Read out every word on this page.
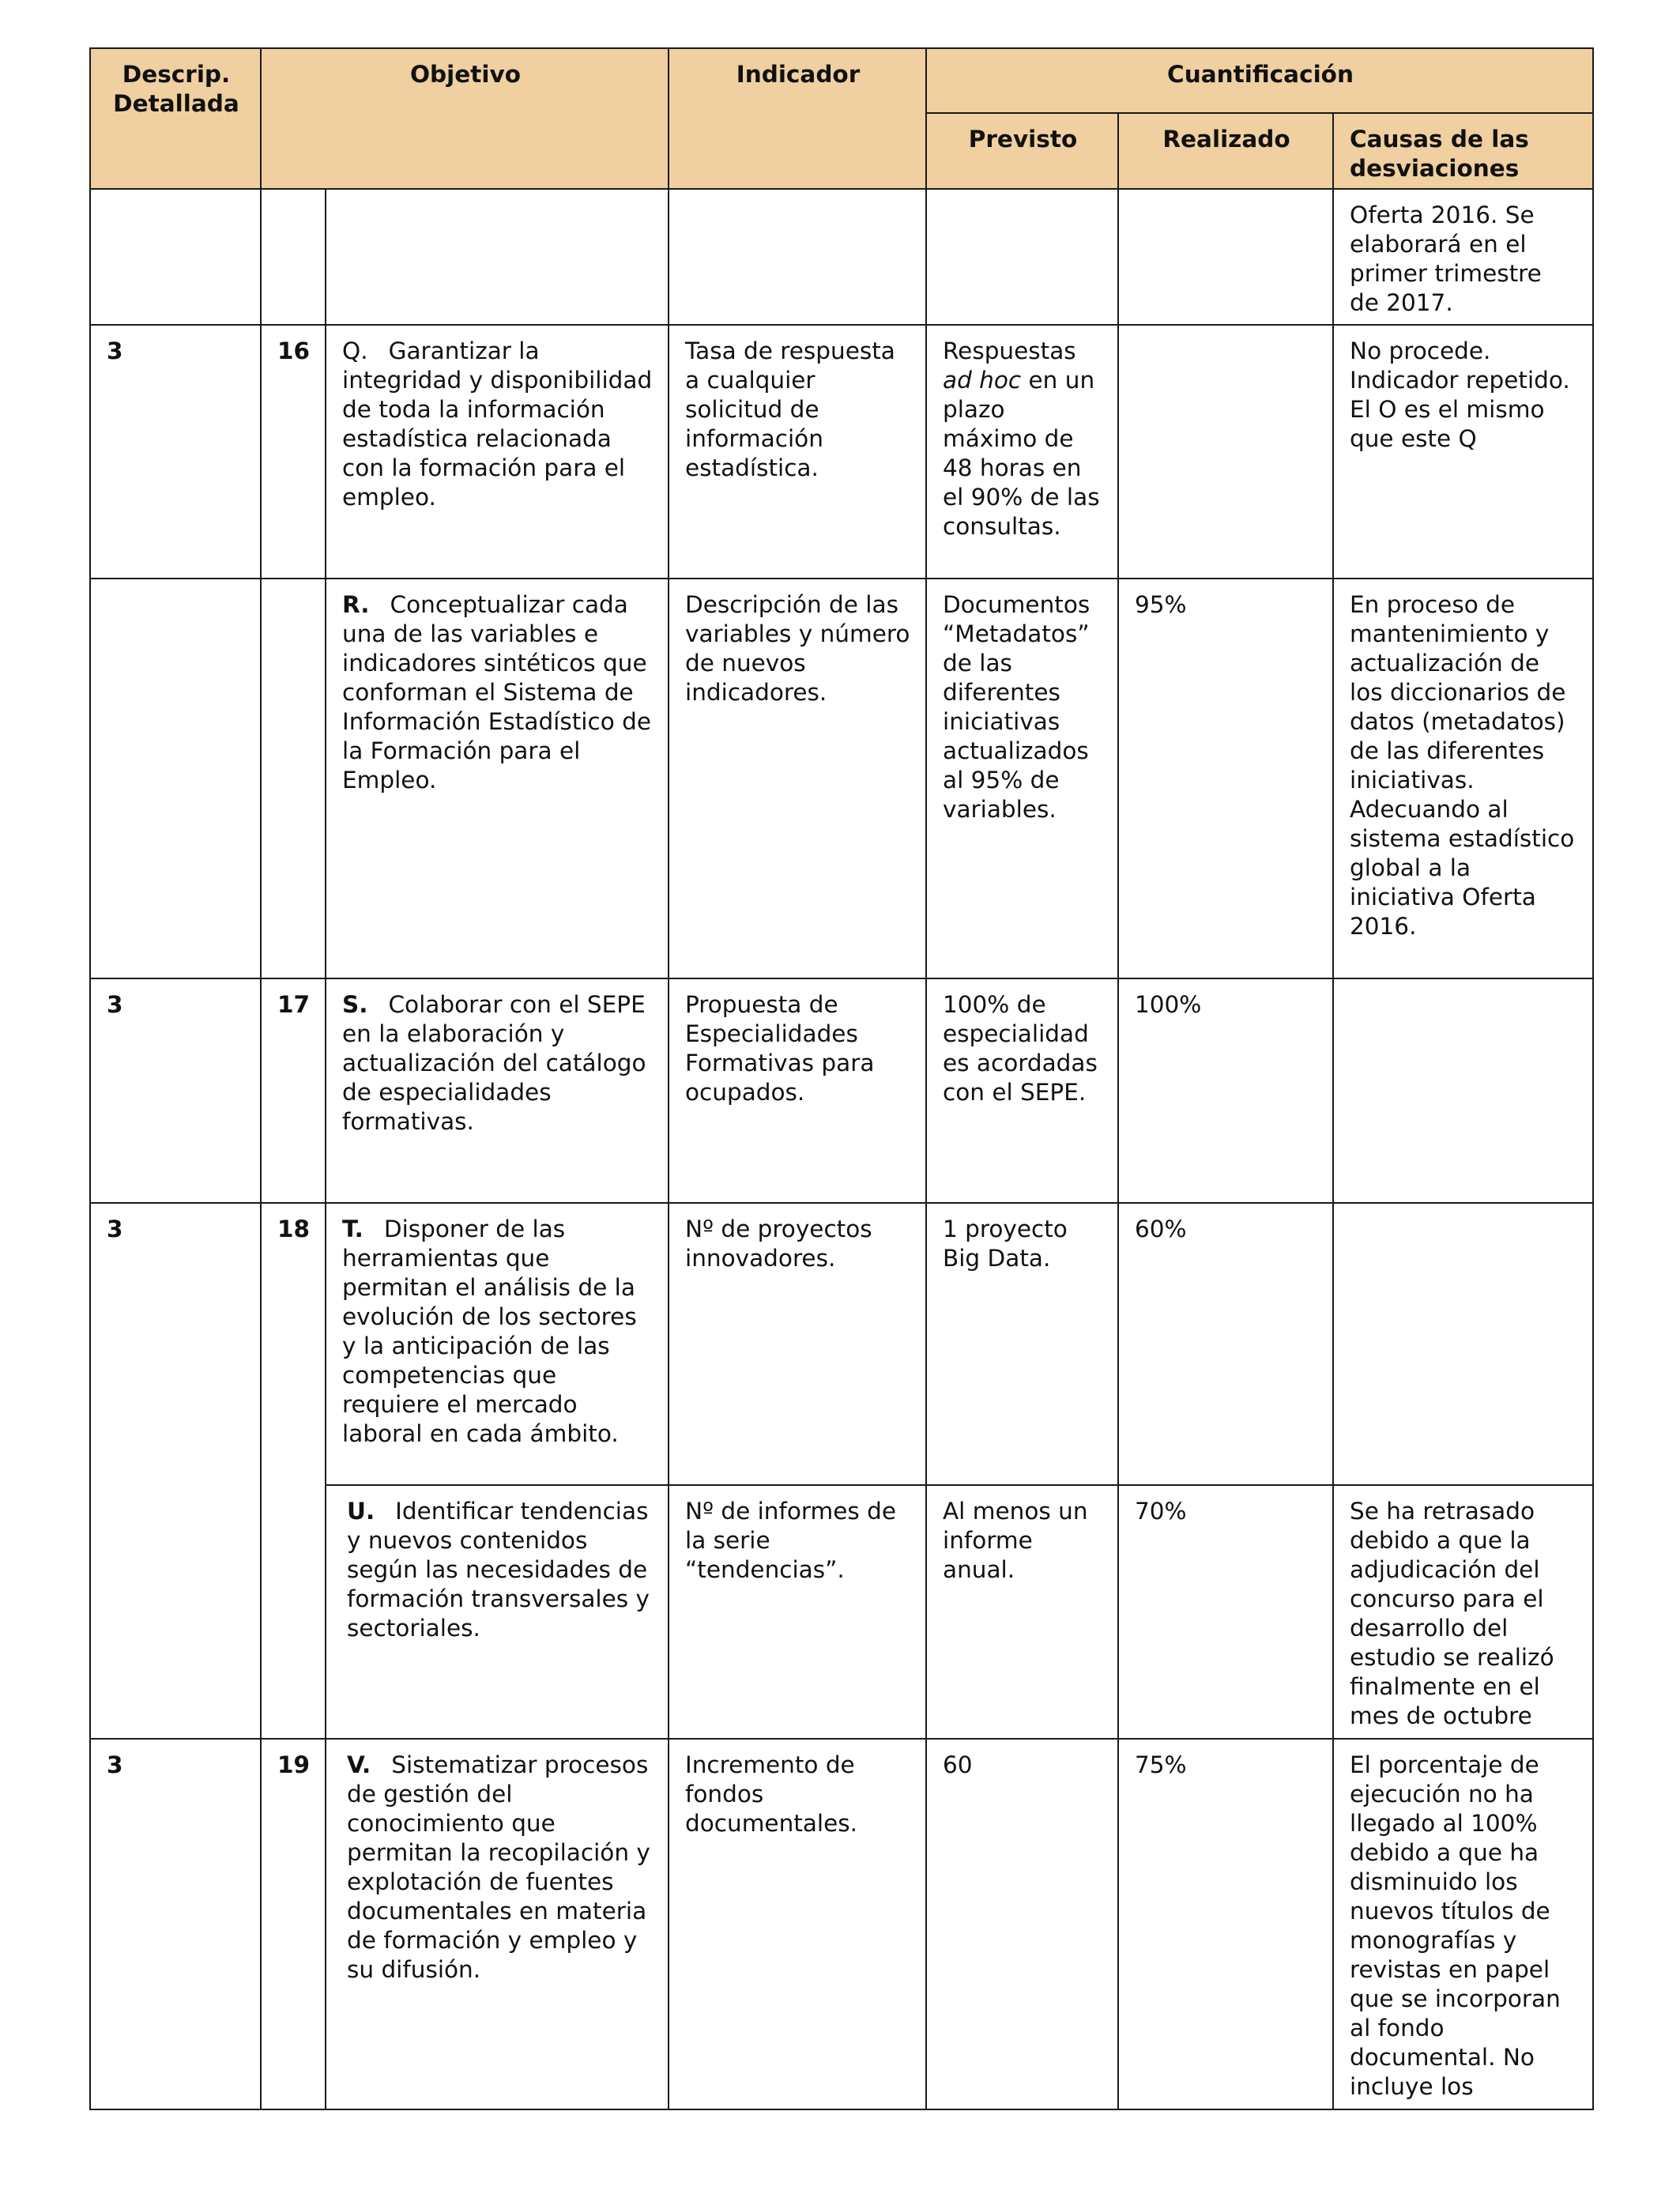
Descrip.
Detallada	Objetivo		Indicador	Cuantificación		
				Previsto	Realizado	Causas de las
desviaciones
						Oferta 2016. Se elaborará en el primer trimestre de 2017.
3	16	Q. Garantizar la integridad y disponibilidad de toda la información estadística relacionada con la formación para el empleo.	Tasa de respuesta a cualquier solicitud de información estadística.	Respuestas ad hoc en un plazo máximo de 48 horas en el 90% de las consultas.		No procede. Indicador repetido. El O es el mismo que este Q
		R. Conceptualizar cada una de las variables e indicadores sintéticos que conforman el Sistema de Información Estadístico de la Formación para el Empleo.	Descripción de las variables y número de nuevos indicadores.	Documentos “Metadatos” de las diferentes iniciativas actualizados al 95% de variables.	95%	En proceso de mantenimiento y actualización de los diccionarios de datos (metadatos) de las diferentes iniciativas. Adecuando al sistema estadístico global a la iniciativa Oferta 2016.
3	17	S. Colaborar con el SEPE en la elaboración y actualización del catálogo de especialidades formativas.	Propuesta de Especialidades Formativas para ocupados.	100% de especialidad es acordadas con el SEPE.	100%	
3	18	T. Disponer de las herramientas que permitan el análisis de la evolución de los sectores y la anticipación de las competencias que requiere el mercado laboral en cada ámbito.	Nº de proyectos innovadores.	1 proyecto Big Data.	60%	
		U. Identificar tendencias y nuevos contenidos según las necesidades de formación transversales y sectoriales.	Nº de informes de la serie “tendencias”.	Al menos un informe anual.	70%	Se ha retrasado debido a que la adjudicación del concurso para el desarrollo del estudio se realizó finalmente en el mes de octubre
3	19	V. Sistematizar procesos de gestión del conocimiento que permitan la recopilación y explotación de fuentes documentales en materia de formación y empleo y su difusión.	Incremento de fondos documentales.	60	75%	El porcentaje de ejecución no ha llegado al 100% debido a que ha disminuido los nuevos títulos de monografías y revistas en papel que se incorporan al fondo documental. No incluye los
